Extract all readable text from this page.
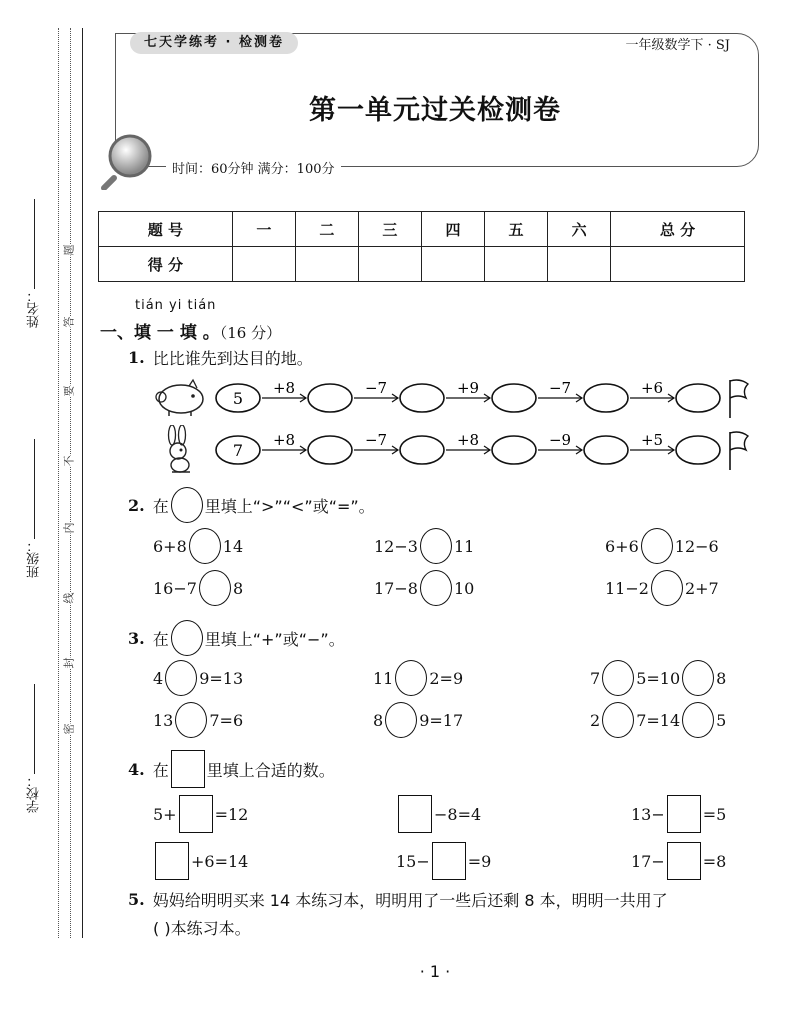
姓名：
班级：
学校：
题
答
要
不
内
线
封
密
七天学练考 · 检测卷	一年级数学下 · SJ
第一单元过关检测卷
时间：60分钟 满分：100分
题 号	一	二	三	四	五	六	总 分
得 分							
tián yi tián
一、填 一 填 。（16 分）
1. 比比谁先到达目的地。
5
+8	−7	+9	−7	+6
7
+8	−7	+8	−9	+5
2. 在 里填上“>”“<”或“=”。
6+8 14	12−3 11	6+6 12−6
16−7 8	17−8 10	11−2 2+7
3. 在 里填上“+”或“−”。
4 9=13	11 2=9	7 5=10 8
13 7=6	8 9=17	2 7=14 5
4. 在 里填上合适的数。
5+ =12	−8=4	13− =5
+6=14	15− =9	17− =8
5. 妈妈给明明买来 14 本练习本，明明用了一些后还剩 8 本，明明一共用了
( )本练习本。
· 1 ·
